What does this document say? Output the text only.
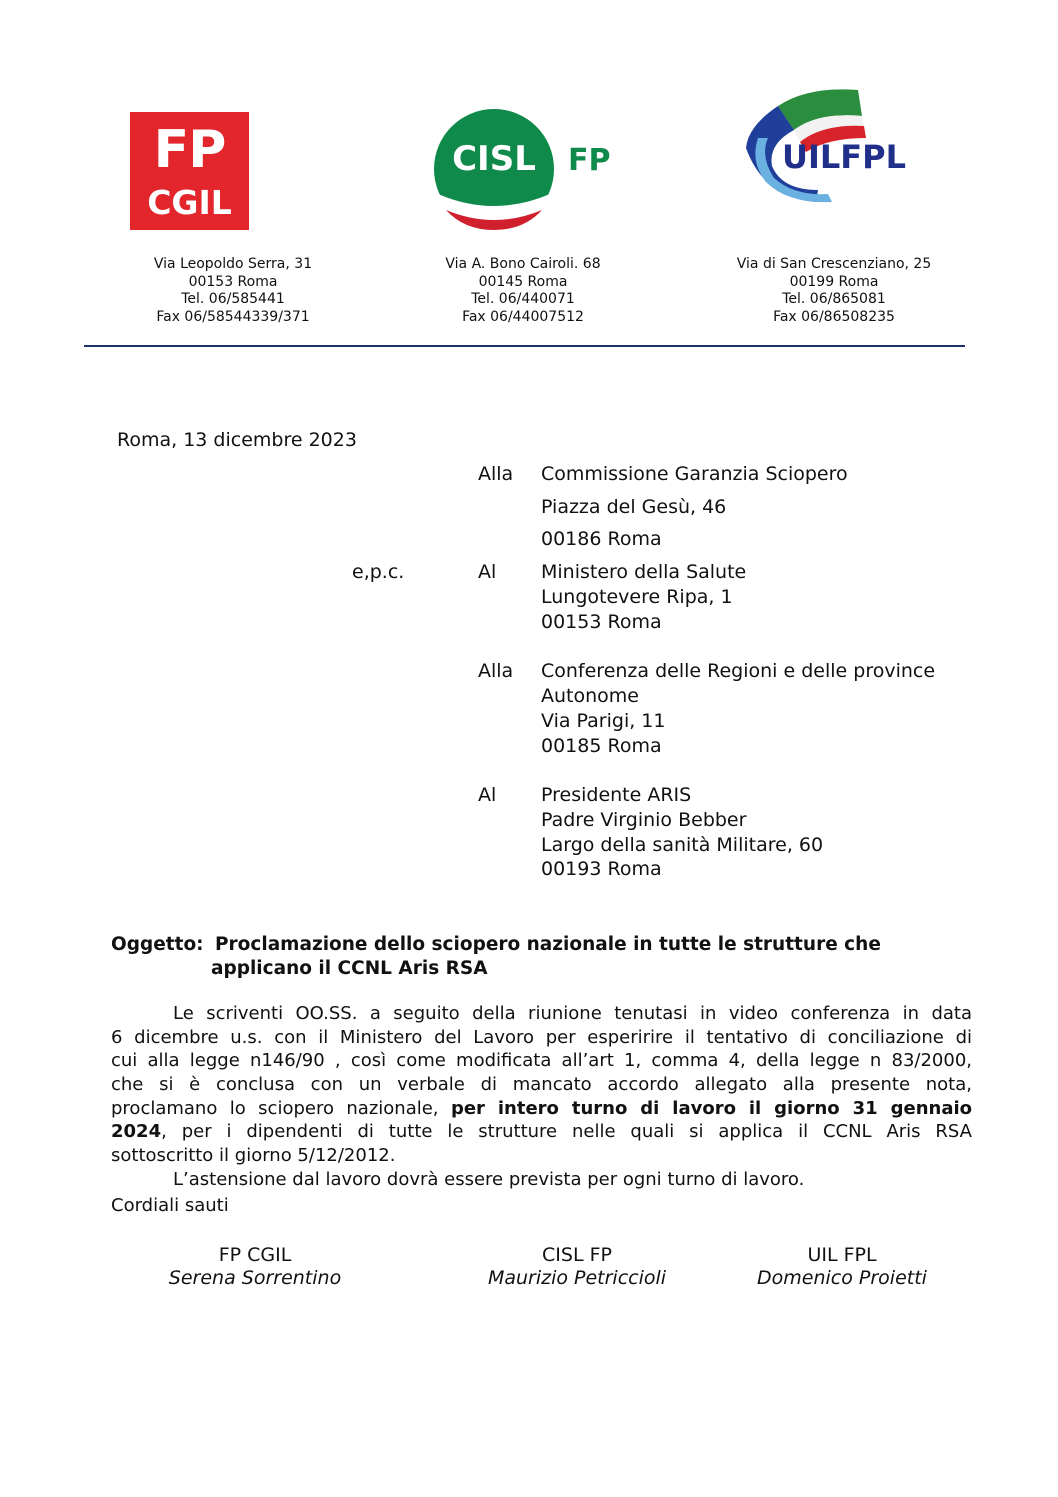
FP
CGIL
CISL FP	UILFPL
Via Leopoldo Serra, 31
00153 Roma
Tel. 06/585441
Fax 06/58544339/371
Via A. Bono Cairoli. 68
00145 Roma
Tel. 06/440071
Fax 06/44007512
Via di San Crescenziano, 25
00199 Roma
Tel. 06/865081
Fax 06/86508235
Roma, 13 dicembre 2023
Alla Commissione Garanzia Sciopero
Piazza del Gesù, 46
00186 Roma
e,p.c.	Al Ministero della Salute
Lungotevere Ripa, 1
00153 Roma
Alla Conferenza delle Regioni e delle province
Autonome
Via Parigi, 11
00185 Roma
Al Presidente ARIS
Padre Virginio Bebber
Largo della sanità Militare, 60
00193 Roma
Oggetto: Proclamazione dello sciopero nazionale in tutte le strutture che
applicano il CCNL Aris RSA
Le scriventi OO.SS. a seguito della riunione tenutasi in video conferenza in data
6 dicembre u.s. con il Ministero del Lavoro per esperirire il tentativo di conciliazione di
cui alla legge n146/90 , così come modificata all’art 1, comma 4, della legge n 83/2000,
che si è conclusa con un verbale di mancato accordo allegato alla presente nota,
proclamano lo sciopero nazionale, per intero turno di lavoro il giorno 31 gennaio
2024, per i dipendenti di tutte le strutture nelle quali si applica il CCNL Aris RSA
sottoscritto il giorno 5/12/2012.
L’astensione dal lavoro dovrà essere prevista per ogni turno di lavoro.
Cordiali sauti
FP CGIL
Serena Sorrentino
CISL FP
Maurizio Petriccioli
UIL FPL
Domenico Proietti
